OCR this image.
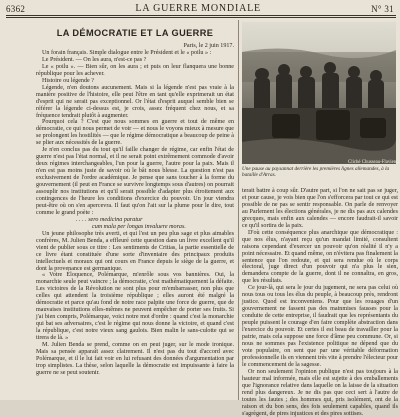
6362	LA GUERRE MONDIALE	N° 31
LA DÉMOCRATIE ET LA GUERRE
Paris, le 2 juin 1917.

Un forain français. Simple dialogue entre le Président et le « poilu » :

Le Président. — On les aura, n'est-ce pas ?

Le « poilu ». — Bien sûr, on les aura ; et puis on leur flanquera une bonne république pour les achever.

Histoire ou légende ?

Légende, n'en doutons aucunement. Mais si la légende n'est pas vraie à la manière positive de l'histoire, elle peut l'être en tant qu'elle exprimerait un état d'esprit qui ne serait pas exceptionnel. Or l'état d'esprit auquel semble bien se référer la légende ci-dessus est, je crois, assez fréquent chez nous, et sa fréquence tendrait plutôt à augmenter.

Pourquoi cela ? C'est que nous sommes en guerre et tout de même en démocratie, ce qui nous permet de voir — et nous le voyons mieux à mesure que se prolongent les hostilités — que le régime démocratique a beaucoup de peine à se plier aux nécessités de la guerre.

Je n'en conclus pas du tout qu'il faille changer de régime, car enfin l'état de guerre n'est pas l'état normal, et il ne serait point extrêmement commode d'avoir deux régimes interchangeables, l'un pour la guerre, l'autre pour la paix. Mais il n'en est pas moins juste de savoir où le bât nous blesse. La question n'est pas exclusivement de l'ordre académique. Je pense que sans toucher à la forme du gouvernement (il peut en France se survivre longtemps sous d'autres) on pourrait assouplir nos institutions et qu'il serait possible d'adapter plus étroitement aux contingences de l'heure les conditions d'exercice du pouvoir. Un jour viendra peut-être où on s'en apercevra. Il faut qu'on l'ait sur la plume pour le dire, tout comme le grand poète :

. . . . sero medicina paratur

cum mala per longas invaluere moras.

Un jeune philosophe très averti, et qui l'est un peu plus sage et plus aimables confrères, M. Julien Benda, a effleuré cette question dans un livre excellent qu'il vient de publier sous ce titre : Les sentiments de Critias, la partie essentielle de ce livre étant constituée d'une sorte d'inventaire des principaux produits intellectuels et moraux qui ont cours en France depuis le siège de la guerre, et dont la provenance est germanique.

« Votre Éloquence, Polémarque, m'enrôle sous vos bannières. Oui, la monarchie seule peut vaincre ; la démocratie, c'est mathématiquement la défaite. Les victoires de la Révolution ne sont plus pour m'embarrasser, non plus que celles qui attendent la troisième république ; elles auront été malgré la démocratie et parce qu'au fond de notre race palpite une force de guerre, que de mauvaises institutions elles-mêmes ne peuvent empêcher de porter ses fruits. Si j'ai bien compris, Polémarque, voici notre mot d'ordre : quand c'est la monarchie qui bat ses adversaires, c'est le régime qui nous donne la victoire, et quand c'est la république, c'est notre vieux sang gaulois. Bien malin le sans-culotte qui se tirera de là. »

M. Julien Benda se prend, comme on en peut juger, sur le mode ironique. Mais sa pensée apparaît assez clairement. Il n'est pas du tout d'accord avec Polémarque, et il le lui fait voir en lui refusant des données d'argumentation par trop simplistes. La thèse, selon laquelle la démocratie est impuissante à faire la guerre ne se peut soutenir.

Cliché Chusseau-Flaviens
Une pause au paysannat derrière les premières lignes allemandes, à la bataille d'Arras.

terait battre à coup sûr. D'autre part, si l'on ne sait pas se juger, et pour cause, je vois bien que l'on s'efforcera par tout ce qui est possible de ne pas se sentir responsable. On parle de renvoyer au Parlement les élections générales, je ne dis pas aux calendes grecques, mais enfin aux calendes — encore faudrait-il savoir ce qu'il sortira de la paix.

D'où cette conséquence plus anarchique que démocratique : que nos élus, n'ayant reçu qu'un mandat limité, consultent raisons cependant d'exercer un pouvoir qu'on réalité il n'y a point nécessaire. Et quand même, on n'évitera pas finalement la sentence que l'on redoute, et qui sera rendue où le corps électoral, juge direct d'un pouvoir qui n'a plus le sien, demandera compte de la guerre, dont il ne connaîtra, en gros, que les résultats.

Ce jour-là, qui sera le jour du jugement, ne sera pas celui où nous tous ou tous les élus du peuple, à beaucoup près, rendront justice. Quod est inconveniens. Pour que les rouages d'un gouvernement ne fassent pas des mainmises fausses pour la conduite de cette entreprise, il faudrait que les représentants du peuple puissent le courage d'en faire complète abstraction dans l'exercice du pouvoir. Et certes il est beau de travailler pour la patrie, mais cela suppose une force d'âme peu commune. Or, si nous ne sommes pas l'existence politique ne dépend que du vote populaire, on sent que par une véritable déformation professionnelle ils en viennent très vite à prendre l'électeur pour le commencement de la sagesse.

Or non seulement l'opinion publique n'est pas toujours à la hauteur mal informée, mais elle est sujette à des emballements que l'ignorance relative dans laquelle on la laisse de la situation rend plus dangereux. Je ne dis pas que ceci sert à l'autre de toutes les fautes ; des hommes qui, pris isolément, ont de la raison et du bon sens, des fois seulement capables, quand ils s'agrègent, de pires injustices et des pires sottises.
